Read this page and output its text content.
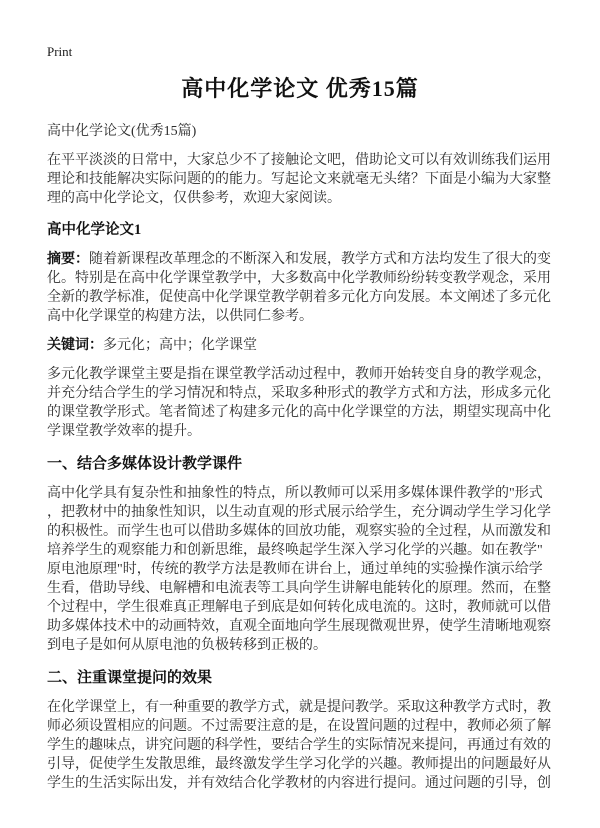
Print
高中化学论文 优秀15篇

高中化学论文(优秀15篇)

在平平淡淡的日常中，大家总少不了接触论文吧，借助论文可以有效训练我们运用理论和技能解决实际问题的的能力。写起论文来就毫无头绪？下面是小编为大家整理的高中化学论文，仅供参考，欢迎大家阅读。

高中化学论文1

摘要：随着新课程改革理念的不断深入和发展，教学方式和方法均发生了很大的变化。特别是在高中化学课堂教学中，大多数高中化学教师纷纷转变教学观念，采用全新的教学标准，促使高中化学课堂教学朝着多元化方向发展。本文阐述了多元化高中化学课堂的构建方法，以供同仁参考。

关键词：多元化；高中；化学课堂

多元化教学课堂主要是指在课堂教学活动过程中，教师开始转变自身的教学观念，并充分结合学生的学习情况和特点，采取多种形式的教学方式和方法，形成多元化的课堂教学形式。笔者简述了构建多元化的高中化学课堂的方法，期望实现高中化学课堂教学效率的提升。

一、结合多媒体设计教学课件

高中化学具有复杂性和抽象性的特点，所以教师可以采用多媒体课件教学的"形式，把教材中的抽象性知识，以生动直观的形式展示给学生，充分调动学生学习化学的积极性。而学生也可以借助多媒体的回放功能，观察实验的全过程，从而激发和培养学生的观察能力和创新思维，最终唤起学生深入学习化学的兴趣。如在教学"原电池原理"时，传统的教学方法是教师在讲台上，通过单纯的实验操作演示给学生看，借助导线、电解槽和电流表等工具向学生讲解电能转化的原理。然而，在整个过程中，学生很难真正理解电子到底是如何转化成电流的。这时，教师就可以借助多媒体技术中的动画特效，直观全面地向学生展现微观世界，使学生清晰地观察到电子是如何从原电池的负极转移到正极的。

二、注重课堂提问的效果

在化学课堂上，有一种重要的教学方式，就是提问教学。采取这种教学方式时，教师必须设置相应的问题。不过需要注意的是，在设置问题的过程中，教师必须了解学生的趣味点，讲究问题的科学性，要结合学生的实际情况来提问，再通过有效的引导，促使学生发散思维，最终激发学生学习化学的兴趣。教师提出的问题最好从学生的生活实际出发，并有效结合化学教材的内容进行提问。通过问题的引导，创
